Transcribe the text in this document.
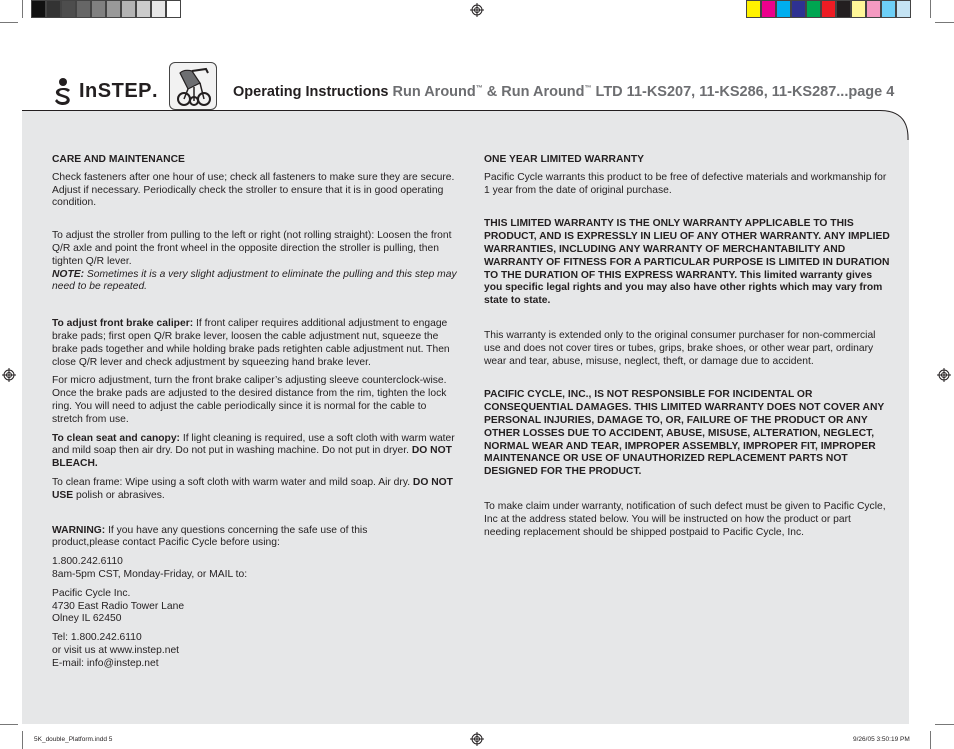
InSTEP .	Operating Instructions Run Around™ & Run Around™ LTD 11-KS207, 11-KS286, 11-KS287...page 4

CARE AND MAINTENANCE

Check fasteners after one hour of use; check all fasteners to make sure they are secure. Adjust if necessary. Periodically check the stroller to ensure that it is in good operating condition.

To adjust the stroller from pulling to the left or right (not rolling straight): Loosen the front Q/R axle and point the front wheel in the opposite direction the stroller is pulling, then tighten Q/R lever.

NOTE: Sometimes it is a very slight adjustment to eliminate the pulling and this step may need to be repeated.

To adjust front brake caliper: If front caliper requires additional adjustment to engage brake pads; first open Q/R brake lever, loosen the cable adjustment nut, squeeze the brake pads together and while holding brake pads retighten cable adjustment nut. Then close Q/R lever and check adjustment by squeezing hand brake lever.

For micro adjustment, turn the front brake caliper’s adjusting sleeve counterclock-wise. Once the brake pads are adjusted to the desired distance from the rim, tighten the lock ring. You will need to adjust the cable periodically since it is normal for the cable to stretch from use.

To clean seat and canopy: If light cleaning is required, use a soft cloth with warm water and mild soap then air dry. Do not put in washing machine. Do not put in dryer. DO NOT BLEACH.

To clean frame: Wipe using a soft cloth with warm water and mild soap. Air dry. DO NOT USE polish or abrasives.

WARNING: If you have any questions concerning the safe use of this product,please contact Pacific Cycle before using:

1.800.242.6110

8am-5pm CST, Monday-Friday, or MAIL to:

Pacific Cycle Inc.

4730 East Radio Tower Lane

Olney IL 62450

Tel: 1.800.242.6110

or visit us at www.instep.net

E-mail: info@instep.net

ONE YEAR LIMITED WARRANTY

Pacific Cycle warrants this product to be free of defective materials and workmanship for 1 year from the date of original purchase.

THIS LIMITED WARRANTY IS THE ONLY WARRANTY APPLICABLE TO THIS PRODUCT, AND IS EXPRESSLY IN LIEU OF ANY OTHER WARRANTY. ANY IMPLIED WARRANTIES, INCLUDING ANY WARRANTY OF MERCHANTABILITY AND WARRANTY OF FITNESS FOR A PARTICULAR PURPOSE IS LIMITED IN DURATION TO THE DURATION OF THIS EXPRESS WARRANTY. This limited warranty gives you specific legal rights and you may also have other rights which may vary from state to state.

This warranty is extended only to the original consumer purchaser for non-commercial use and does not cover tires or tubes, grips, brake shoes, or other wear part, ordinary wear and tear, abuse, misuse, neglect, theft, or damage due to accident.

PACIFIC CYCLE, INC., IS NOT RESPONSIBLE FOR INCIDENTAL OR CONSEQUENTIAL DAMAGES. THIS LIMITED WARRANTY DOES NOT COVER ANY PERSONAL INJURIES, DAMAGE TO, OR, FAILURE OF THE PRODUCT OR ANY OTHER LOSSES DUE TO ACCIDENT, ABUSE, MISUSE, ALTERATION, NEGLECT, NORMAL WEAR AND TEAR, IMPROPER ASSEMBLY, IMPROPER FIT, IMPROPER MAINTENANCE OR USE OF UNAUTHORIZED REPLACEMENT PARTS NOT DESIGNED FOR THE PRODUCT.

To make claim under warranty, notification of such defect must be given to Pacific Cycle, Inc at the address stated below. You will be instructed on how the product or part needing replacement should be shipped postpaid to Pacific Cycle, Inc.

5K_double_Platform.indd 5	9/26/05 3:50:19 PM
